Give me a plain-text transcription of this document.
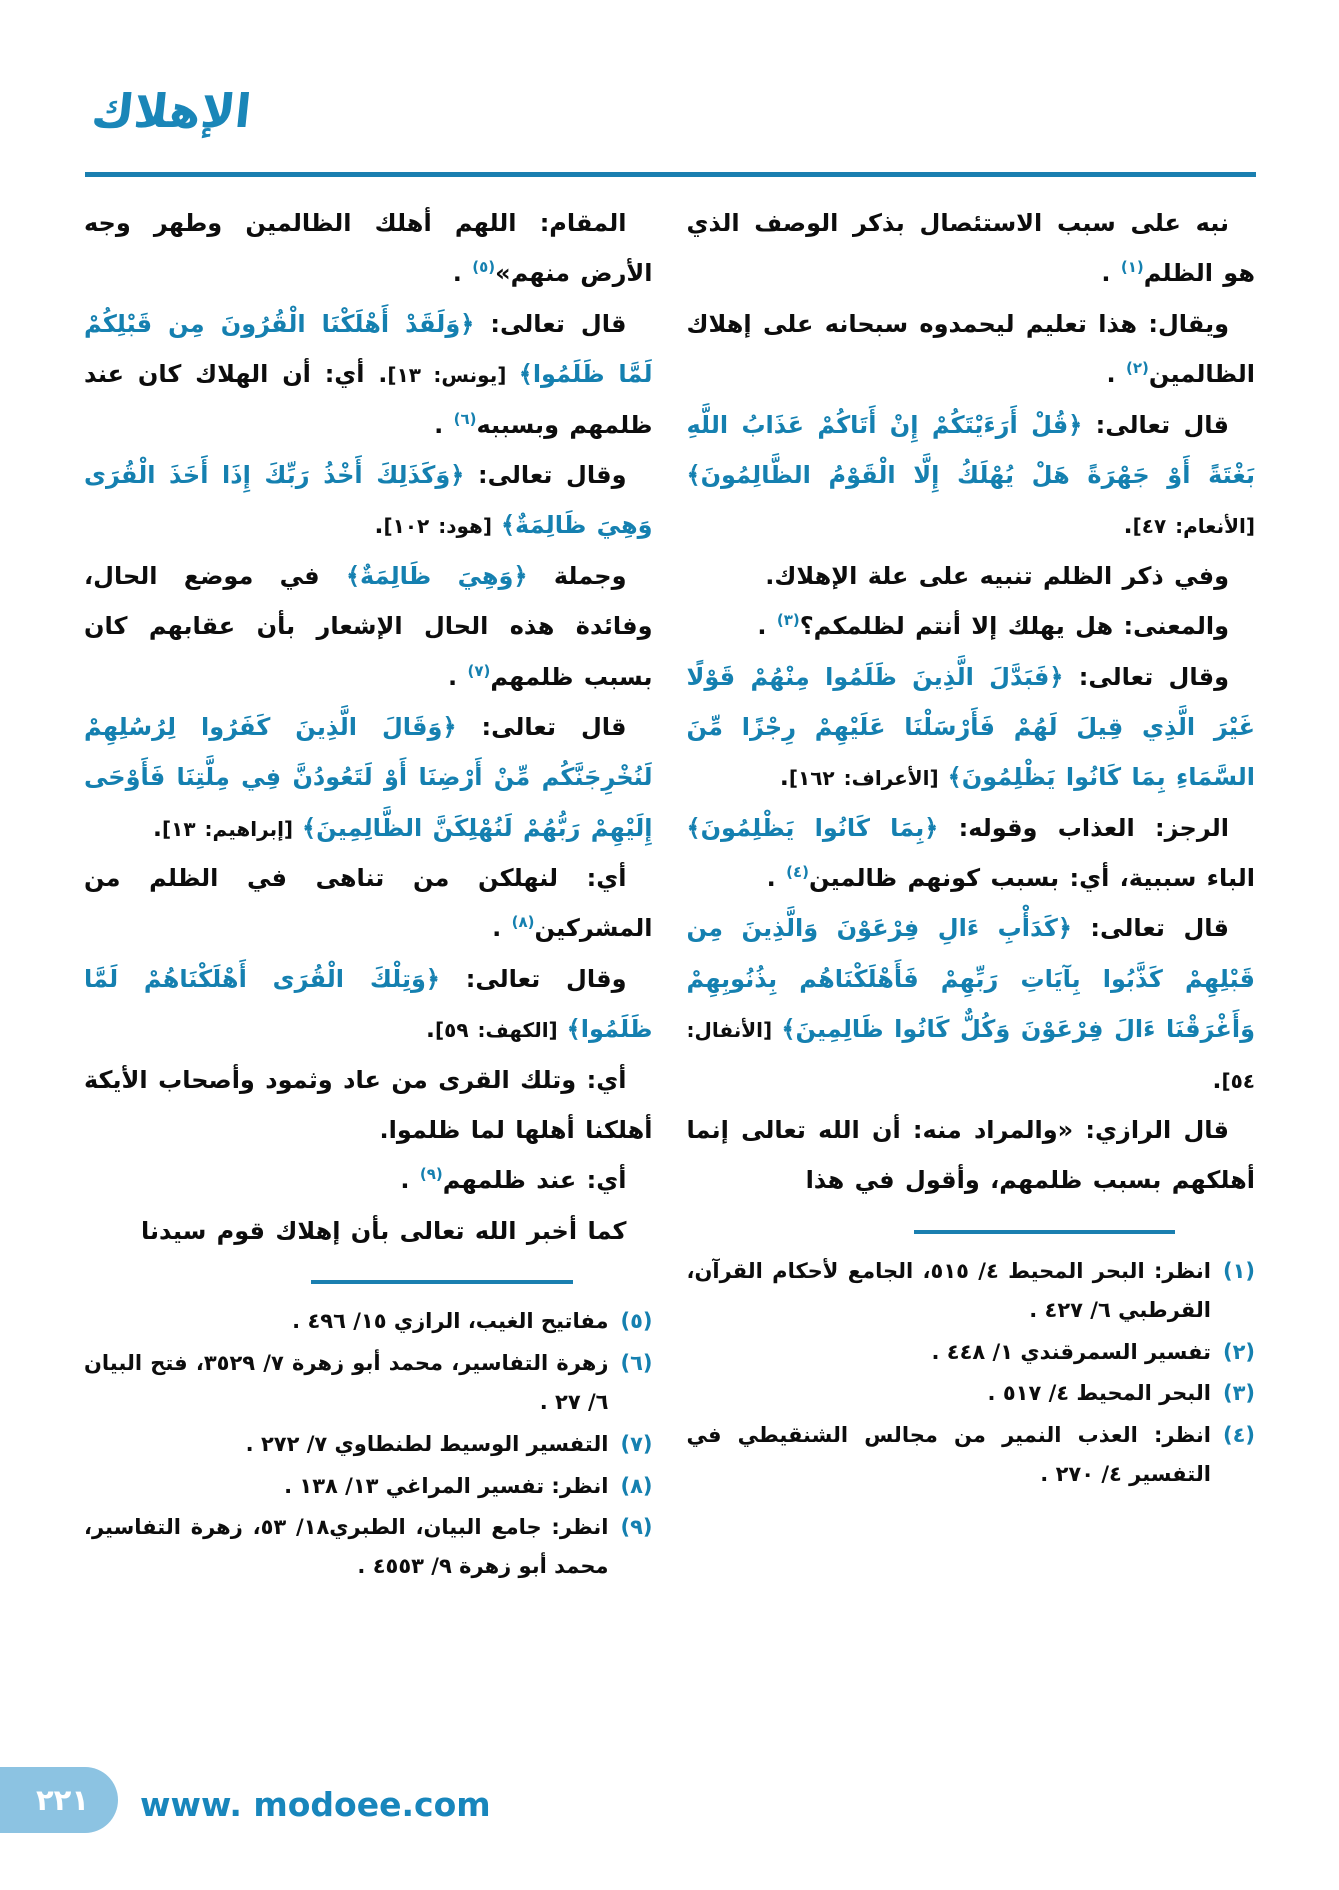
الإهلاك

نبه على سبب الاستئصال بذكر الوصف الذي هو الظلم$^{(١)}$ .

ويقال: هذا تعليم ليحمدوه سبحانه على إهلاك الظالمين$^{(٢)}$ .

قال تعالى: ﴿قُلْ أَرَءَيْتَكُمْ إِنْ أَتَاكُمْ عَذَابُ اللَّهِ بَغْتَةً أَوْ جَهْرَةً هَلْ يُهْلَكُ إِلَّا الْقَوْمُ الظَّالِمُونَ﴾ [الأنعام: ٤٧].

وفي ذكر الظلم تنبيه على علة الإهلاك.

والمعنى: هل يهلك إلا أنتم لظلمكم؟$^{(٣)}$ .

وقال تعالى: ﴿فَبَدَّلَ الَّذِينَ ظَلَمُوا مِنْهُمْ قَوْلًا غَيْرَ الَّذِي قِيلَ لَهُمْ فَأَرْسَلْنَا عَلَيْهِمْ رِجْزًا مِّنَ السَّمَاءِ بِمَا كَانُوا يَظْلِمُونَ﴾ [الأعراف: ١٦٢].

الرجز: العذاب وقوله: ﴿بِمَا كَانُوا يَظْلِمُونَ﴾ الباء سببية، أي: بسبب كونهم ظالمين$^{(٤)}$ .

قال تعالى: ﴿كَدَأْبِ ءَالِ فِرْعَوْنَ وَالَّذِينَ مِن قَبْلِهِمْ كَذَّبُوا بِآيَاتِ رَبِّهِمْ فَأَهْلَكْنَاهُم بِذُنُوبِهِمْ وَأَغْرَقْنَا ءَالَ فِرْعَوْنَ وَكُلٌّ كَانُوا ظَالِمِينَ﴾ [الأنفال: ٥٤].

قال الرازي: «والمراد منه: أن الله تعالى إنما أهلكهم بسبب ظلمهم، وأقول في هذا

(١)
انظر: البحر المحيط ٤/ ٥١٥، الجامع لأحكام القرآن، القرطبي ٦/ ٤٢٧ .
(٢)
تفسير السمرقندي ١/ ٤٤٨ .
(٣)
البحر المحيط ٤/ ٥١٧ .
(٤)
انظر: العذب النمير من مجالس الشنقيطي في التفسير ٤/ ٢٧٠ .

المقام: اللهم أهلك الظالمين وطهر وجه الأرض منهم»$^{(٥)}$ .

قال تعالى: ﴿وَلَقَدْ أَهْلَكْنَا الْقُرُونَ مِن قَبْلِكُمْ لَمَّا ظَلَمُوا﴾ [يونس: ١٣]. أي: أن الهلاك كان عند ظلمهم وبسببه$^{(٦)}$ .

وقال تعالى: ﴿وَكَذَلِكَ أَخْذُ رَبِّكَ إِذَا أَخَذَ الْقُرَى وَهِيَ ظَالِمَةٌ﴾ [هود: ١٠٢].

وجملة ﴿وَهِيَ ظَالِمَةٌ﴾ في موضع الحال، وفائدة هذه الحال الإشعار بأن عقابهم كان بسبب ظلمهم$^{(٧)}$ .

قال تعالى: ﴿وَقَالَ الَّذِينَ كَفَرُوا لِرُسُلِهِمْ لَنُخْرِجَنَّكُم مِّنْ أَرْضِنَا أَوْ لَتَعُودُنَّ فِي مِلَّتِنَا فَأَوْحَى إِلَيْهِمْ رَبُّهُمْ لَنُهْلِكَنَّ الظَّالِمِينَ﴾ [إبراهيم: ١٣].

أي: لنهلكن من تناهى في الظلم من المشركين$^{(٨)}$ .

وقال تعالى: ﴿وَتِلْكَ الْقُرَى أَهْلَكْنَاهُمْ لَمَّا ظَلَمُوا﴾ [الكهف: ٥٩].

أي: وتلك القرى من عاد وثمود وأصحاب الأيكة أهلكنا أهلها لما ظلموا.

أي: عند ظلمهم$^{(٩)}$ .

كما أخبر الله تعالى بأن إهلاك قوم سيدنا

(٥)
مفاتيح الغيب، الرازي ١٥/ ٤٩٦ .
(٦)
زهرة التفاسير، محمد أبو زهرة ٧/ ٣٥٢٩، فتح البيان ٦/ ٢٧ .
(٧)
التفسير الوسيط لطنطاوي ٧/ ٢٧٢ .
(٨)
انظر: تفسير المراغي ١٣/ ١٣٨ .
(٩)
انظر: جامع البيان، الطبري١٨/ ٥٣، زهرة التفاسير، محمد أبو زهرة ٩/ ٤٥٥٣ .
٢٢١ www. modoee.com
